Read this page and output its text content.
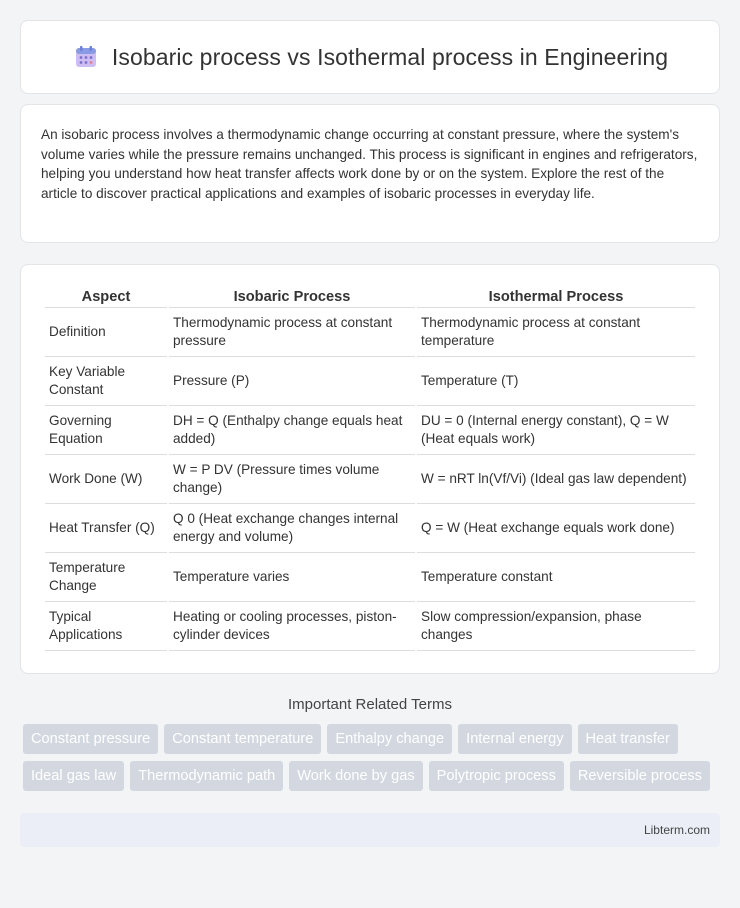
Isobaric process vs Isothermal process in Engineering

An isobaric process involves a thermodynamic change occurring at constant pressure, where the system's volume varies while the pressure remains unchanged. This process is significant in engines and refrigerators, helping you understand how heat transfer affects work done by or on the system. Explore the rest of the article to discover practical applications and examples of isobaric processes in everyday life.

Aspect	Isobaric Process	Isothermal Process
Definition	Thermodynamic process at constant pressure	Thermodynamic process at constant temperature
Key Variable Constant	Pressure (P)	Temperature (T)
Governing Equation	DH = Q (Enthalpy change equals heat added)	DU = 0 (Internal energy constant), Q = W (Heat equals work)
Work Done (W)	W = P DV (Pressure times volume change)	W = nRT ln(Vf/Vi) (Ideal gas law dependent)
Heat Transfer (Q)	Q 0 (Heat exchange changes internal energy and volume)	Q = W (Heat exchange equals work done)
Temperature Change	Temperature varies	Temperature constant
Typical Applications	Heating or cooling processes, piston-cylinder devices	Slow compression/expansion, phase changes
Important Related Terms
Constant pressure	Constant temperature	Enthalpy change	Internal energy	Heat transfer
Ideal gas law	Thermodynamic path	Work done by gas	Polytropic process	Reversible process
Libterm.com
